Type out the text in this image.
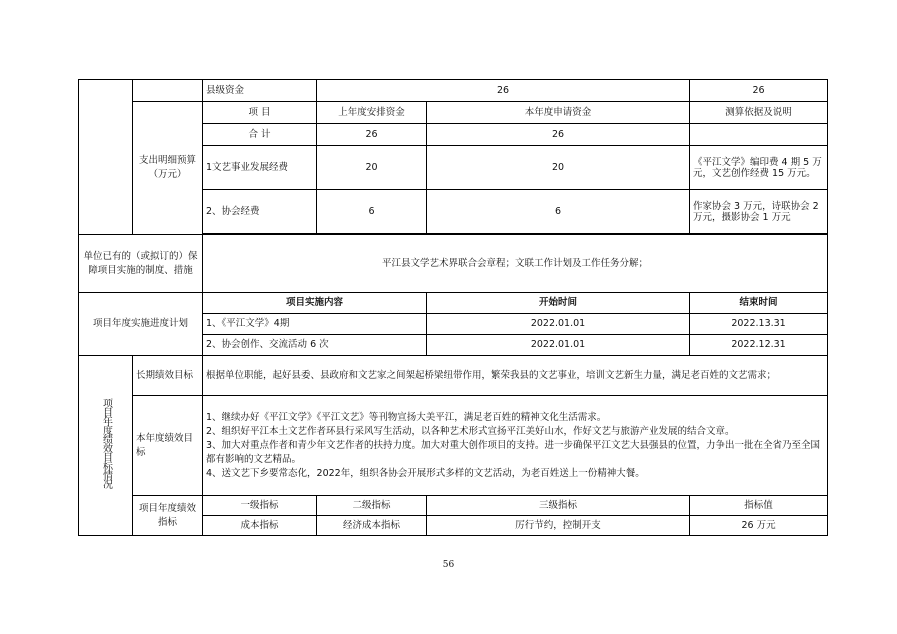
		县级资金	26		26
	支出明细预算（万元）	项 目	上年度安排资金	本年度申请资金	测算依据及说明
		合 计	26	26	
		1文艺事业发展经费	20	20	《平江文学》编印费 4 期 5 万元，文艺创作经费 15 万元。
		2、协会经费	6	6	作家协会 3 万元，诗联协会 2 万元，摄影协会 1 万元

单位已有的（或拟订的）保障项目实施的制度、措施		平江县文学艺术界联合会章程；文联工作计划及工作任务分解；			
项目年度实施进度计划		项目实施内容		开始时间	结束时间
		1、《平江文学》4期		2022.01.01	2022.13.31
		2、协会创作、交流活动 6 次		2022.01.01	2022.12.31
项目年度绩效目标情况	长期绩效目标	根据单位职能，起好县委、县政府和文艺家之间架起桥梁纽带作用，繁荣我县的文艺事业，培训文艺新生力量，满足老百姓的文艺需求；			
	本年度绩效目标	1、继续办好《平江文学》《平江文艺》等刊物宣扬大美平江，满足老百姓的精神文化生活需求。

2、组织好平江本土文艺作者环县行采风写生活动，以各种艺术形式宣扬平江美好山水，作好文艺与旅游产业发展的结合文章。

3、加大对重点作者和青少年文艺作者的扶持力度。加大对重大创作项目的支持。进一步确保平江文艺大县强县的位置，力争出一批在全省乃至全国都有影响的文艺精品。

4、送文艺下乡要常态化，2022年，组织各协会开展形式多样的文艺活动，为老百姓送上一份精神大餐。			

	项目年度绩效指标	一级指标	二级指标	三级指标	指标值
		成本指标	经济成本指标	厉行节约，控制开支	26 万元
56
